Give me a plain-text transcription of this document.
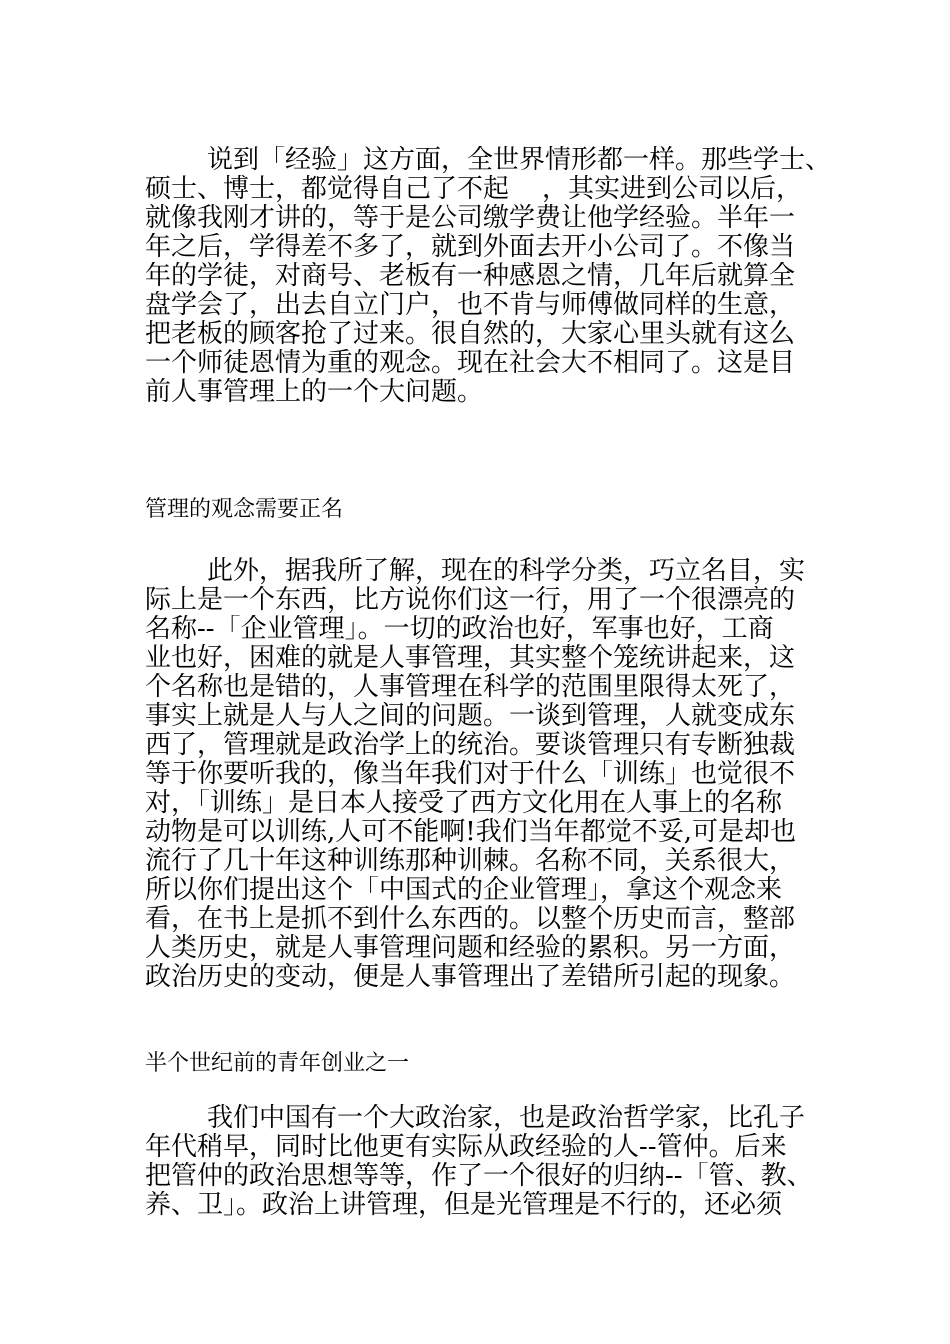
说到「经验」这方面，全世界情形都一样。那些学士、
硕士、博士，都觉得自己了不起    ，其实进到公司以后，
就像我刚才讲的，等于是公司缴学费让他学经验。半年一
年之后，学得差不多了，就到外面去开小公司了。不像当
年的学徒，对商号、老板有一种感恩之情，几年后就算全
盘学会了，出去自立门户，也不肯与师傅做同样的生意，
把老板的顾客抢了过来。很自然的，大家心里头就有这么
一个师徒恩情为重的观念。现在社会大不相同了。这是目
前人事管理上的一个大问题。
管理的观念需要正名
此外，据我所了解，现在的科学分类，巧立名目，实
际上是一个东西，比方说你们这一行，用了一个很漂亮的
名称--「企业管理」。一切的政治也好，军事也好，工商
业也好，困难的就是人事管理，其实整个笼统讲起来，这
个名称也是错的，人事管理在科学的范围里限得太死了，
事实上就是人与人之间的问题。一谈到管理，人就变成东
西了，管理就是政治学上的统治。要谈管理只有专断独裁
等于你要听我的，像当年我们对于什么「训练」也觉很不
对，「训练」是日本人接受了西方文化用在人事上的名称
动物是可以训练,人可不能啊!我们当年都觉不妥,可是却也
流行了几十年这种训练那种训棘。名称不同，关系很大，
所以你们提出这个「中国式的企业管理」，拿这个观念来
看，在书上是抓不到什么东西的。以整个历史而言，整部
人类历史，就是人事管理问题和经验的累积。另一方面，
政治历史的变动，便是人事管理出了差错所引起的现象。
半个世纪前的青年创业之一
我们中国有一个大政治家，也是政治哲学家，比孔子
年代稍早，同时比他更有实际从政经验的人--管仲。后来
把管仲的政治思想等等，作了一个很好的归纳--「管、教、
养、卫」。政治上讲管理，但是光管理是不行的，还必须
